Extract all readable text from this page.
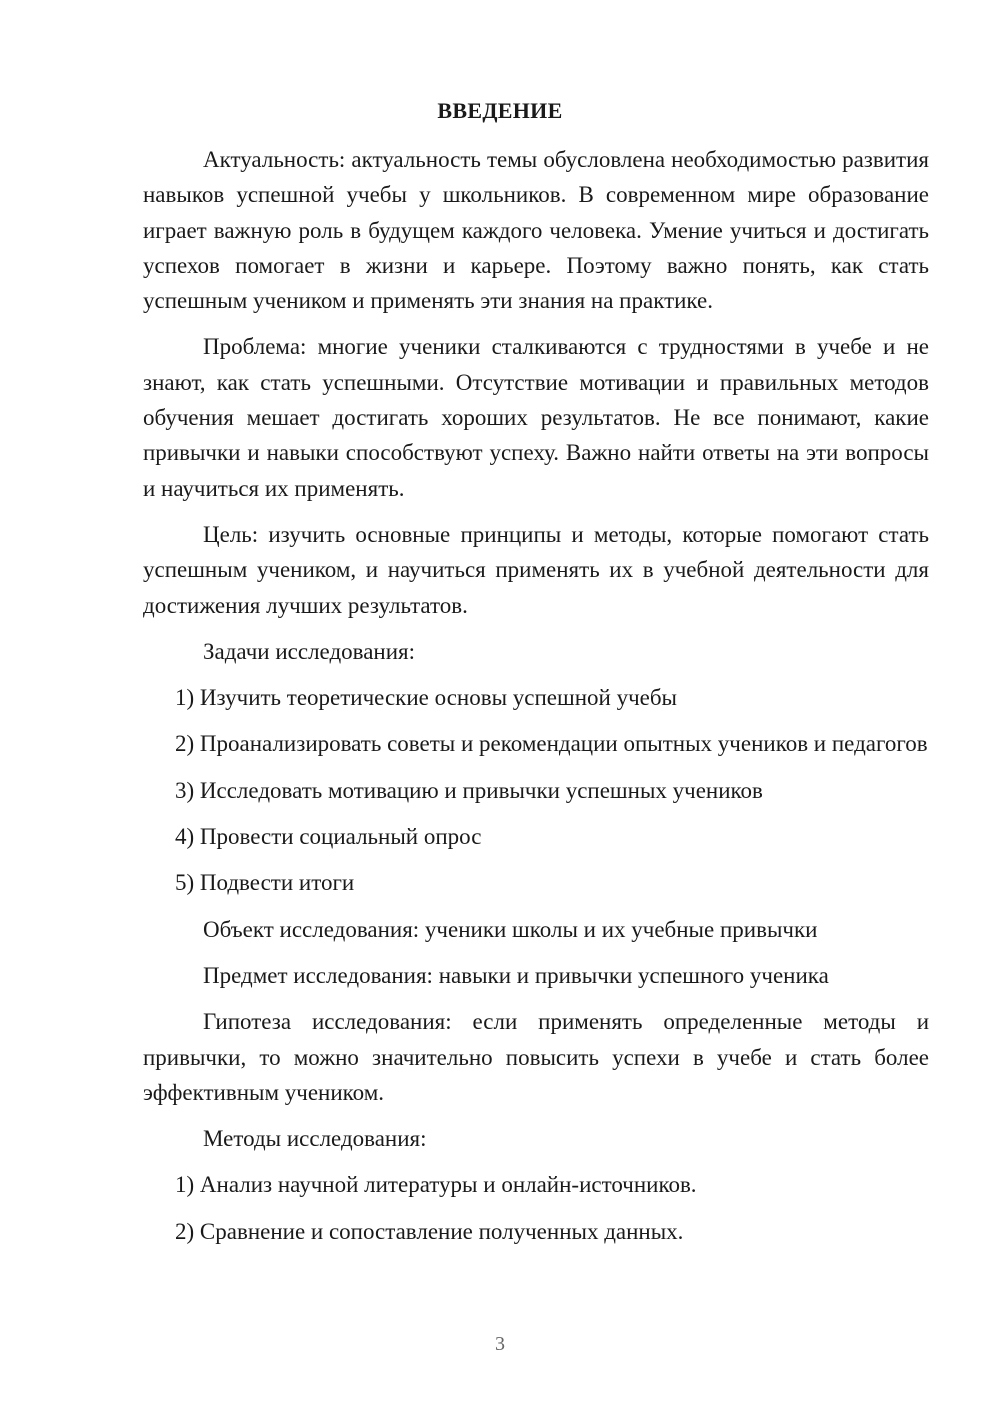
ВВЕДЕНИЕ

Актуальность: актуальность темы обусловлена необходимостью развития навыков успешной учебы у школьников. В современном мире образование играет важную роль в будущем каждого человека. Умение учиться и достигать успехов помогает в жизни и карьере. Поэтому важно понять, как стать успешным учеником и применять эти знания на практике.

Проблема: многие ученики сталкиваются с трудностями в учебе и не знают, как стать успешными. Отсутствие мотивации и правильных методов обучения мешает достигать хороших результатов. Не все понимают, какие привычки и навыки способствуют успеху. Важно найти ответы на эти вопросы и научиться их применять.

Цель: изучить основные принципы и методы, которые помогают стать успешным учеником, и научиться применять их в учебной деятельности для достижения лучших результатов.

Задачи исследования:

1) Изучить теоретические основы успешной учебы

2) Проанализировать советы и рекомендации опытных учеников и педагогов

3) Исследовать мотивацию и привычки успешных учеников

4) Провести социальный опрос

5) Подвести итоги

Объект исследования: ученики школы и их учебные привычки

Предмет исследования: навыки и привычки успешного ученика

Гипотеза исследования: если применять определенные методы и привычки, то можно значительно повысить успехи в учебе и стать более эффективным учеником.

Методы исследования:

1) Анализ научной литературы и онлайн-источников.

2) Сравнение и сопоставление полученных данных.

3
